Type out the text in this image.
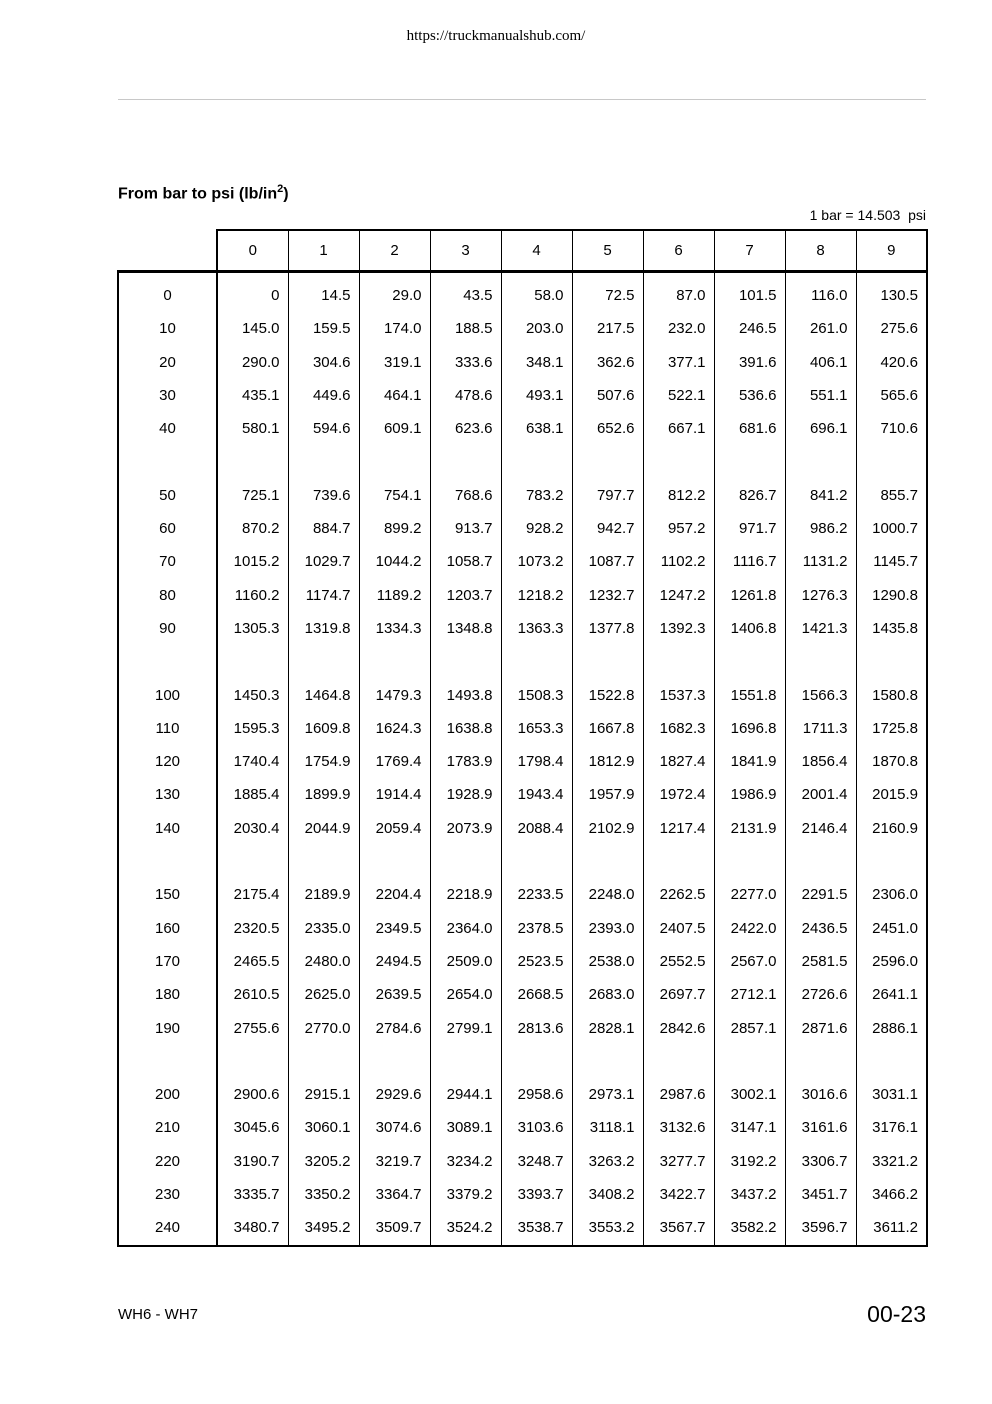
https://truckmanualshub.com/
From bar to psi $(lb/in^2)$
1 bar = 14.503  psi
	0	1	2	3	4	5	6	7	8	9
0	0	14.5	29.0	43.5	58.0	72.5	87.0	101.5	116.0	130.5
10	145.0	159.5	174.0	188.5	203.0	217.5	232.0	246.5	261.0	275.6
20	290.0	304.6	319.1	333.6	348.1	362.6	377.1	391.6	406.1	420.6
30	435.1	449.6	464.1	478.6	493.1	507.6	522.1	536.6	551.1	565.6
40	580.1	594.6	609.1	623.6	638.1	652.6	667.1	681.6	696.1	710.6

50	725.1	739.6	754.1	768.6	783.2	797.7	812.2	826.7	841.2	855.7
60	870.2	884.7	899.2	913.7	928.2	942.7	957.2	971.7	986.2	1000.7
70	1015.2	1029.7	1044.2	1058.7	1073.2	1087.7	1102.2	1116.7	1131.2	1145.7
80	1160.2	1174.7	1189.2	1203.7	1218.2	1232.7	1247.2	1261.8	1276.3	1290.8
90	1305.3	1319.8	1334.3	1348.8	1363.3	1377.8	1392.3	1406.8	1421.3	1435.8

100	1450.3	1464.8	1479.3	1493.8	1508.3	1522.8	1537.3	1551.8	1566.3	1580.8
110	1595.3	1609.8	1624.3	1638.8	1653.3	1667.8	1682.3	1696.8	1711.3	1725.8
120	1740.4	1754.9	1769.4	1783.9	1798.4	1812.9	1827.4	1841.9	1856.4	1870.8
130	1885.4	1899.9	1914.4	1928.9	1943.4	1957.9	1972.4	1986.9	2001.4	2015.9
140	2030.4	2044.9	2059.4	2073.9	2088.4	2102.9	1217.4	2131.9	2146.4	2160.9

150	2175.4	2189.9	2204.4	2218.9	2233.5	2248.0	2262.5	2277.0	2291.5	2306.0
160	2320.5	2335.0	2349.5	2364.0	2378.5	2393.0	2407.5	2422.0	2436.5	2451.0
170	2465.5	2480.0	2494.5	2509.0	2523.5	2538.0	2552.5	2567.0	2581.5	2596.0
180	2610.5	2625.0	2639.5	2654.0	2668.5	2683.0	2697.7	2712.1	2726.6	2641.1
190	2755.6	2770.0	2784.6	2799.1	2813.6	2828.1	2842.6	2857.1	2871.6	2886.1

200	2900.6	2915.1	2929.6	2944.1	2958.6	2973.1	2987.6	3002.1	3016.6	3031.1
210	3045.6	3060.1	3074.6	3089.1	3103.6	3118.1	3132.6	3147.1	3161.6	3176.1
220	3190.7	3205.2	3219.7	3234.2	3248.7	3263.2	3277.7	3192.2	3306.7	3321.2
230	3335.7	3350.2	3364.7	3379.2	3393.7	3408.2	3422.7	3437.2	3451.7	3466.2
240	3480.7	3495.2	3509.7	3524.2	3538.7	3553.2	3567.7	3582.2	3596.7	3611.2
WH6 - WH7	00-23
